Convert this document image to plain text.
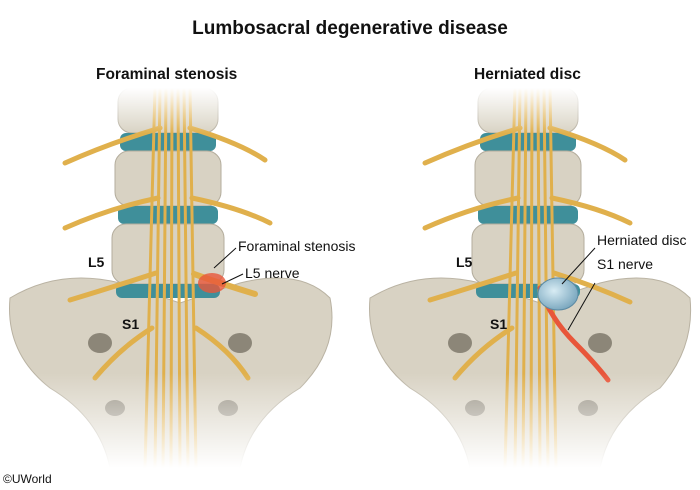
Lumbosacral degenerative disease
Foraminal stenosis	Herniated disc
L5
S1
Foraminal stenosis
L5 nerve
L5
S1
Herniated disc
S1 nerve
©UWorld
